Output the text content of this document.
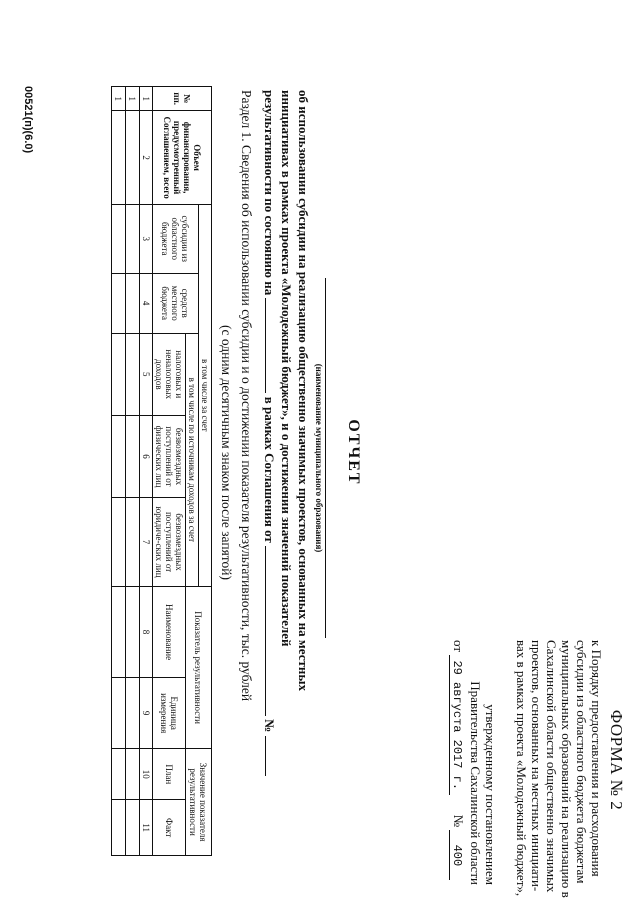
ФОРМА № 2
к Порядку предоставления и расходования
субсидии из областного бюджета бюджетам
муниципальных образований на реализацию в
Сахалинской области общественно значимых
проектов, основанных на местных инициати-
вах в рамках проекта «Молодежный бюджет»,
утвержденному постановлением
Правительства Сахалинской области
от 29 августа 2017 г.      № 400
ОТЧЕТ
(наименование муниципального образования)
об использовании субсидии на реализацию общественно значимых проектов, основанных на местных
инициативах в рамках проекта «Молодежный бюджет», и о достижении значений показателей
результативности по состоянию на  в рамках Соглашения от  №
Раздел 1. Сведения об использовании субсидии и о достижении показателя результативности, тыс. рублей
(с одним десятичным знаком после запятой)
№ пп.	Объем финансирования, предусмотренный Соглашением, всего	в том числе за счет					Показатель результативности		Значение показателя результативности	
		субсидии из областного бюджета	средств местного бюджета	в том числе по источникам доходов за счет						
				налоговых и неналоговых доходов	безвозмездных поступлений от физических лиц	безвозмездных поступлений от юридиче-ских лиц	Наименование	Единица измерения	План	Факт
1	2	3	4	5	6	7	8	9	10	11
1										
1										
00521(п)(6.0)
